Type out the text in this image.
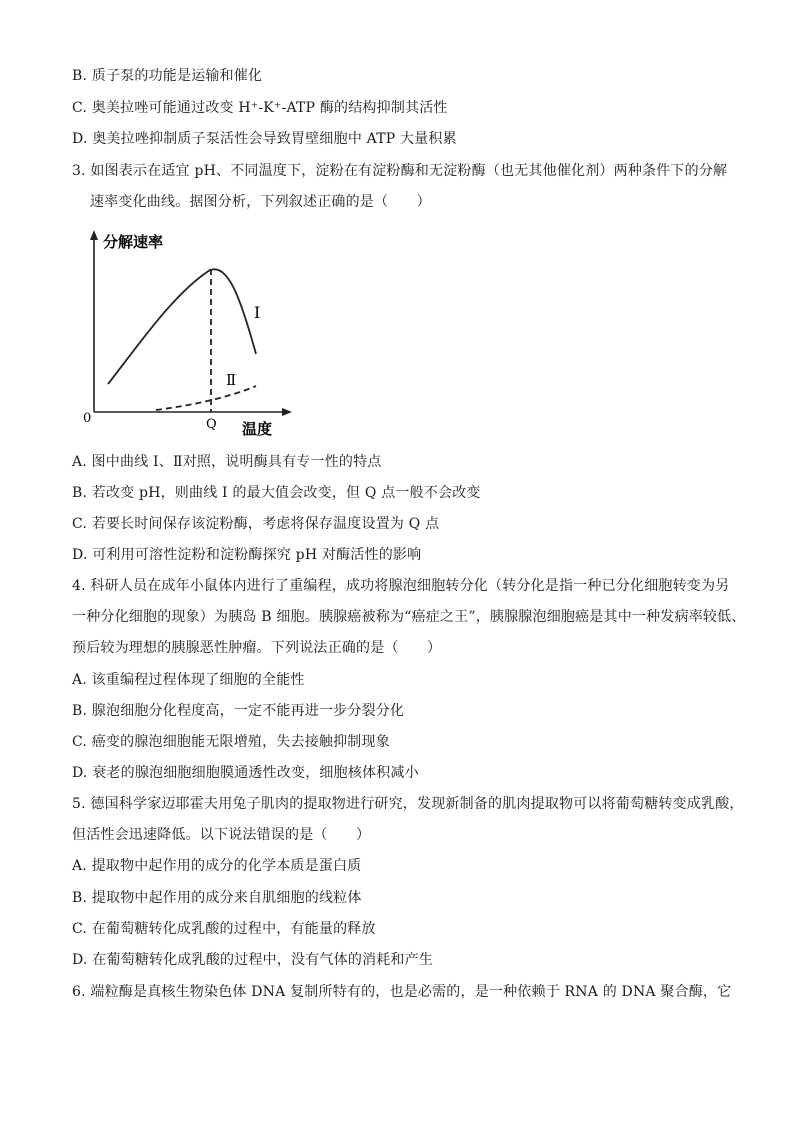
B. 质子泵的功能是运输和催化
C. 奥美拉唑可能通过改变 H⁺-K⁺-ATP 酶的结构抑制其活性
D. 奥美拉唑抑制质子泵活性会导致胃壁细胞中 ATP 大量积累
3. 如图表示在适宜 pH、不同温度下，淀粉在有淀粉酶和无淀粉酶（也无其他催化剂）两种条件下的分解
速率变化曲线。据图分析，下列叙述正确的是（　　）
分解速率
温度
0	Q
I
Ⅱ
A. 图中曲线 I、Ⅱ对照，说明酶具有专一性的特点
B. 若改变 pH，则曲线 I 的最大值会改变，但 Q 点一般不会改变
C. 若要长时间保存该淀粉酶，考虑将保存温度设置为 Q 点
D. 可利用可溶性淀粉和淀粉酶探究 pH 对酶活性的影响
4. 科研人员在成年小鼠体内进行了重编程，成功将腺泡细胞转分化（转分化是指一种已分化细胞转变为另
一种分化细胞的现象）为胰岛 B 细胞。胰腺癌被称为“癌症之王”，胰腺腺泡细胞癌是其中一种发病率较低、
预后较为理想的胰腺恶性肿瘤。下列说法正确的是（　　）
A. 该重编程过程体现了细胞的全能性
B. 腺泡细胞分化程度高，一定不能再进一步分裂分化
C. 癌变的腺泡细胞能无限增殖，失去接触抑制现象
D. 衰老的腺泡细胞细胞膜通透性改变，细胞核体积减小
5. 德国科学家迈耶霍夫用兔子肌肉的提取物进行研究，发现新制备的肌肉提取物可以将葡萄糖转变成乳酸，
但活性会迅速降低。以下说法错误的是（　　）
A. 提取物中起作用的成分的化学本质是蛋白质
B. 提取物中起作用的成分来自肌细胞的线粒体
C. 在葡萄糖转化成乳酸的过程中，有能量的释放
D. 在葡萄糖转化成乳酸的过程中，没有气体的消耗和产生
6. 端粒酶是真核生物染色体 DNA 复制所特有的，也是必需的，是一种依赖于 RNA 的 DNA 聚合酶，它
